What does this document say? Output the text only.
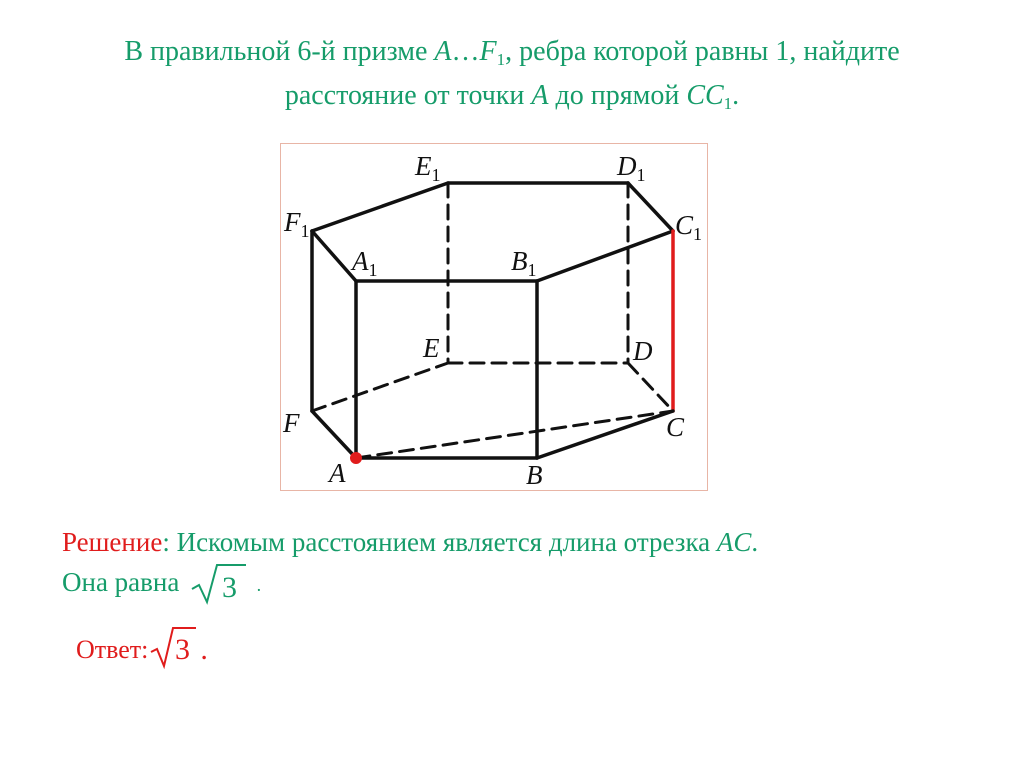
В правильной 6-й призме $A\dots F_1$, ребра которой равны 1, найдите
расстояние от точки A до прямой $CC_1$.
$E_1$	$D_1$
$F_1$	$C_1$
$A_1$	$B_1$
E	D
F	C
A	B
Решение: Искомым расстоянием является длина отрезка AC.
Она равна 3 .
Ответ: 3 .
